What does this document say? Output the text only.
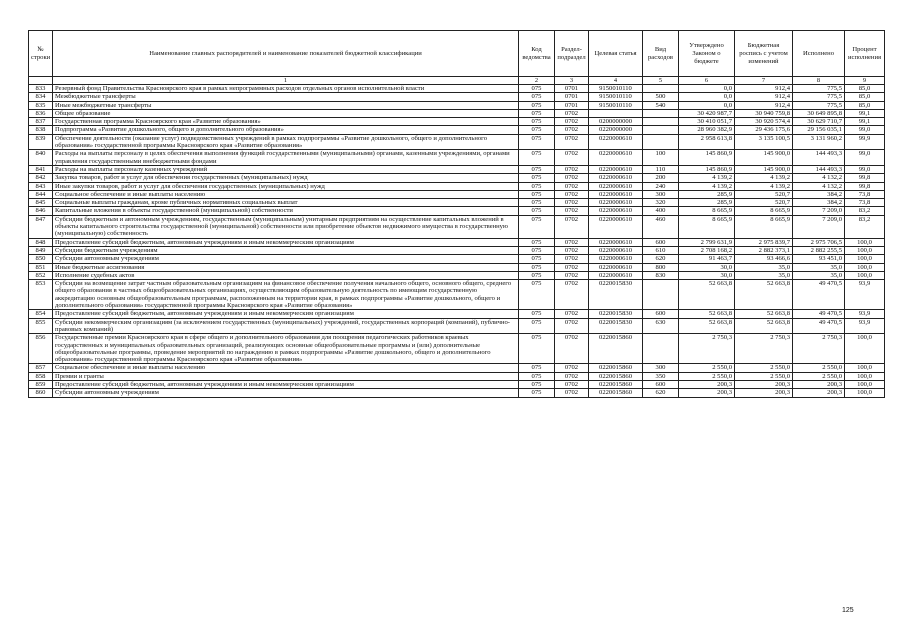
№ строки	Наименование главных распорядителей и наименование показателей бюджетной классификации	Код ведомства	Раздел- подраздел	Целевая статья	Вид расходов	Утверждено Законом о бюджете	Бюджетная роспись с учетом изменений	Исполнено	Процент исполнения
	1	2	3	4	5	6	7	8	9
833	Резервный фонд Правительства Красноярского края в рамках непрограммных расходов отдельных органов исполнительной власти	075	0701	9150010110		0,0	912,4	775,5	85,0
834	Межбюджетные трансферты	075	0701	9150010110	500	0,0	912,4	775,5	85,0
835	Иные межбюджетные трансферты	075	0701	9150010110	540	0,0	912,4	775,5	85,0
836	Общее образование	075	0702			30 420 987,7	30 940 759,8	30 649 895,8	99,1
837	Государственная программа Красноярского края «Развитие образования»	075	0702	0200000000		30 410 051,7	30 920 574,4	30 629 710,7	99,1
838	Подпрограмма «Развитие дошкольного, общего и дополнительного образования»	075	0702	0220000000		28 960 382,9	29 436 175,6	29 156 035,1	99,0
839	Обеспечение деятельности (оказание услуг) подведомственных учреждений в рамках подпрограммы «Развитие дошкольного, общего и дополнительного образования» государственной программы Красноярского края «Развитие образования»	075	0702	0220000610		2 958 613,8	3 135 100,5	3 131 960,2	99,9
840	Расходы на выплаты персоналу в целях обеспечения выполнения функций государственными (муниципальными) органами, казенными учреждениями, органами управления государственными внебюджетными фондами	075	0702	0220000610	100	145 860,9	145 900,0	144 493,3	99,0
841	Расходы на выплаты персоналу казенных учреждений	075	0702	0220000610	110	145 860,9	145 900,0	144 493,3	99,0
842	Закупка товаров, работ и услуг для обеспечения государственных (муниципальных) нужд	075	0702	0220000610	200	4 139,2	4 139,2	4 132,2	99,8
843	Иные закупки товаров, работ и услуг для обеспечения государственных (муниципальных) нужд	075	0702	0220000610	240	4 139,2	4 139,2	4 132,2	99,8
844	Социальное обеспечение и иные выплаты населению	075	0702	0220000610	300	285,9	520,7	384,2	73,8
845	Социальные выплаты гражданам, кроме публичных нормативных социальных выплат	075	0702	0220000610	320	285,9	520,7	384,2	73,8
846	Капитальные вложения в объекты государственной (муниципальной) собственности	075	0702	0220000610	400	8 665,9	8 665,9	7 209,0	83,2
847	Субсидии бюджетным и автономным учреждениям, государственным (муниципальным) унитарным предприятиям на осуществление капитальных вложений в объекты капитального строительства государственной (муниципальной) собственности или приобретение объектов недвижимого имущества в государственную (муниципальную) собственность	075	0702	0220000610	460	8 665,9	8 665,9	7 209,0	83,2
848	Предоставление субсидий бюджетным, автономным учреждениям и иным некоммерческим организациям	075	0702	0220000610	600	2 799 631,9	2 975 839,7	2 975 706,5	100,0
849	Субсидии бюджетным учреждениям	075	0702	0220000610	610	2 708 168,2	2 882 373,1	2 882 255,5	100,0
850	Субсидии автономным учреждениям	075	0702	0220000610	620	91 463,7	93 466,6	93 451,0	100,0
851	Иные бюджетные ассигнования	075	0702	0220000610	800	30,0	35,0	35,0	100,0
852	Исполнение судебных актов	075	0702	0220000610	830	30,0	35,0	35,0	100,0
853	Субсидии на возмещение затрат частным образовательным организациям на финансовое обеспечение получения начального общего, основного общего, среднего общего образования в частных общеобразовательных организациях, осуществляющим образовательную деятельность по имеющим государственную аккредитацию основным общеобразовательным программам, расположенным на территории края, в рамках подпрограммы «Развитие дошкольного, общего и дополнительного образования» государственной программы Красноярского края «Развитие образования»	075	0702	0220015830		52 663,8	52 663,8	49 470,5	93,9
854	Предоставление субсидий бюджетным, автономным учреждениям и иным некоммерческим организациям	075	0702	0220015830	600	52 663,8	52 663,8	49 470,5	93,9
855	Субсидии некоммерческим организациям (за исключением государственных (муниципальных) учреждений, государственных корпораций (компаний), публично-правовых компаний)	075	0702	0220015830	630	52 663,8	52 663,8	49 470,5	93,9
856	Государственные премии Красноярского края в сфере общего и дополнительного образования для поощрения педагогических работников краевых государственных и муниципальных образовательных организаций, реализующих основные общеобразовательные программы и (или) дополнительные общеобразовательные программы, проведение мероприятий по награждению в рамках подпрограммы «Развитие дошкольного, общего и дополнительного образования» государственной программы Красноярского края «Развитие образования»	075	0702	0220015860		2 750,3	2 750,3	2 750,3	100,0
857	Социальное обеспечение и иные выплаты населению	075	0702	0220015860	300	2 550,0	2 550,0	2 550,0	100,0
858	Премии и гранты	075	0702	0220015860	350	2 550,0	2 550,0	2 550,0	100,0
859	Предоставление субсидий бюджетным, автономным учреждениям и иным некоммерческим организациям	075	0702	0220015860	600	200,3	200,3	200,3	100,0
860	Субсидии автономным учреждениям	075	0702	0220015860	620	200,3	200,3	200,3	100,0
125
